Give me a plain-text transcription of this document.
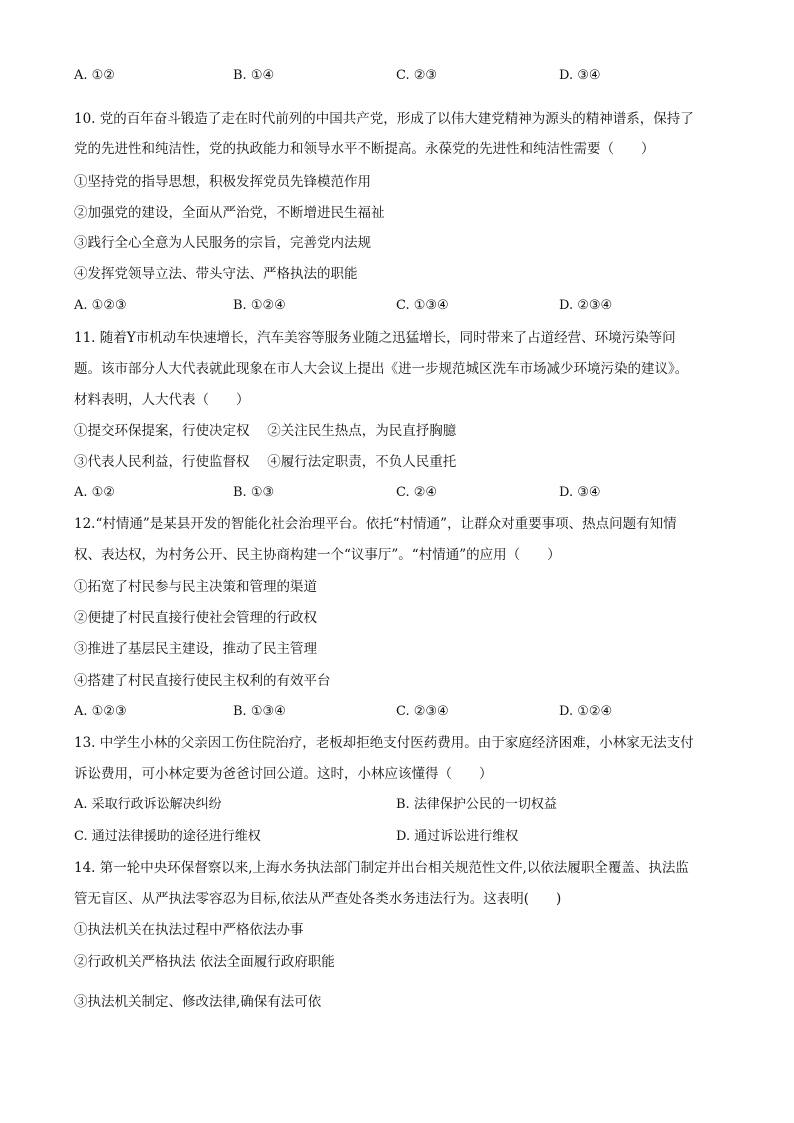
A. ①②	B. ①④	C. ②③	D. ③④
10. 党的百年奋斗锻造了走在时代前列的中国共产党，形成了以伟大建党精神为源头的精神谱系，保持了
党的先进性和纯洁性，党的执政能力和领导水平不断提高。永葆党的先进性和纯洁性需要（　　）
①坚持党的指导思想，积极发挥党员先锋模范作用
②加强党的建设，全面从严治党，不断增进民生福祉
③践行全心全意为人民服务的宗旨，完善党内法规
④发挥党领导立法、带头守法、严格执法的职能
A. ①②③	B. ①②④	C. ①③④	D. ②③④
11. 随着Y市机动车快速增长，汽车美容等服务业随之迅猛增长，同时带来了占道经营、环境污染等问
题。该市部分人大代表就此现象在市人大会议上提出《进一步规范城区洗车市场减少环境污染的建议》。
材料表明，人大代表（　　）
①提交环保提案，行使决定权　 ②关注民生热点，为民直抒胸臆
③代表人民利益，行使监督权　 ④履行法定职责，不负人民重托
A. ①②	B. ①③	C. ②④	D. ③④
12.“村情通”是某县开发的智能化社会治理平台。依托“村情通”，让群众对重要事项、热点问题有知情
权、表达权，为村务公开、民主协商构建一个“议事厅”。“村情通”的应用（　　）
①拓宽了村民参与民主决策和管理的渠道
②便捷了村民直接行使社会管理的行政权
③推进了基层民主建设，推动了民主管理
④搭建了村民直接行使民主权利的有效平台
A. ①②③	B. ①③④	C. ②③④	D. ①②④
13. 中学生小林的父亲因工伤住院治疗，老板却拒绝支付医药费用。由于家庭经济困难，小林家无法支付
诉讼费用，可小林定要为爸爸讨回公道。这时，小林应该懂得（　　）
A. 采取行政诉讼解决纠纷	B. 法律保护公民的一切权益
C. 通过法律援助的途径进行维权	D. 通过诉讼进行维权
14. 第一轮中央环保督察以来,上海水务执法部门制定并出台相关规范性文件,以依法履职全覆盖、执法监
管无盲区、从严执法零容忍为目标,依法从严查处各类水务违法行为。这表明(　　)
①执法机关在执法过程中严格依法办事
②行政机关严格执法 依法全面履行政府职能
③执法机关制定、修改法律,确保有法可依
